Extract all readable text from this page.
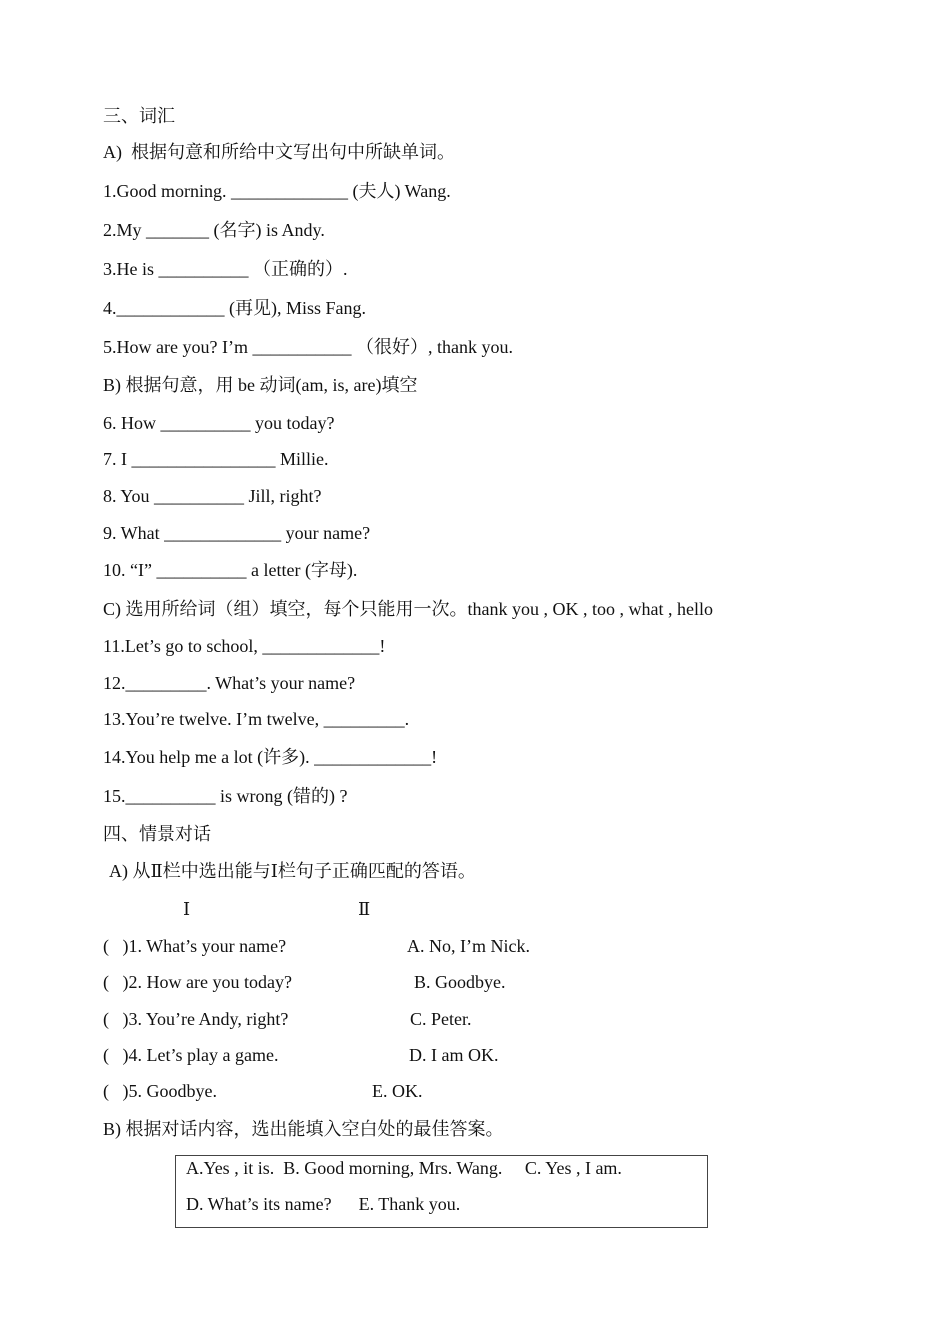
三、词汇
A)  根据句意和所给中文写出句中所缺单词。
1.Good morning. _____________ (夫人) Wang.
2.My _______ (名字) is Andy.
3.He is __________ （正确的）.
4.____________ (再见), Miss Fang.
5.How are you? I’m ___________ （很好）, thank you.
B) 根据句意，用 be 动词(am, is, are)填空
6. How __________ you today?
7. I ________________ Millie.
8. You __________ Jill, right?
9. What _____________ your name?
10. “I” __________ a letter (字母).
C) 选用所给词（组）填空，每个只能用一次。thank you , OK , too , what , hello
11.Let’s go to school, _____________!
12._________. What’s your name?
13.You’re twelve. I’m twelve, _________.
14.You help me a lot (许多). _____________!
15.__________ is wrong (错的) ?
四、情景对话
A) 从Ⅱ栏中选出能与Ⅰ栏句子正确匹配的答语。
Ⅰ	Ⅱ
(   )1. What’s your name?	A. No, I’m Nick.
(   )2. How are you today?	B. Goodbye.
(   )3. You’re Andy, right?	C. Peter.
(   )4. Let’s play a game.	D. I am OK.
(   )5. Goodbye.	E. OK.
B) 根据对话内容，选出能填入空白处的最佳答案。
A.Yes , it is.  B. Good morning, Mrs. Wang.     C. Yes , I am.
D. What’s its name?      E. Thank you.
